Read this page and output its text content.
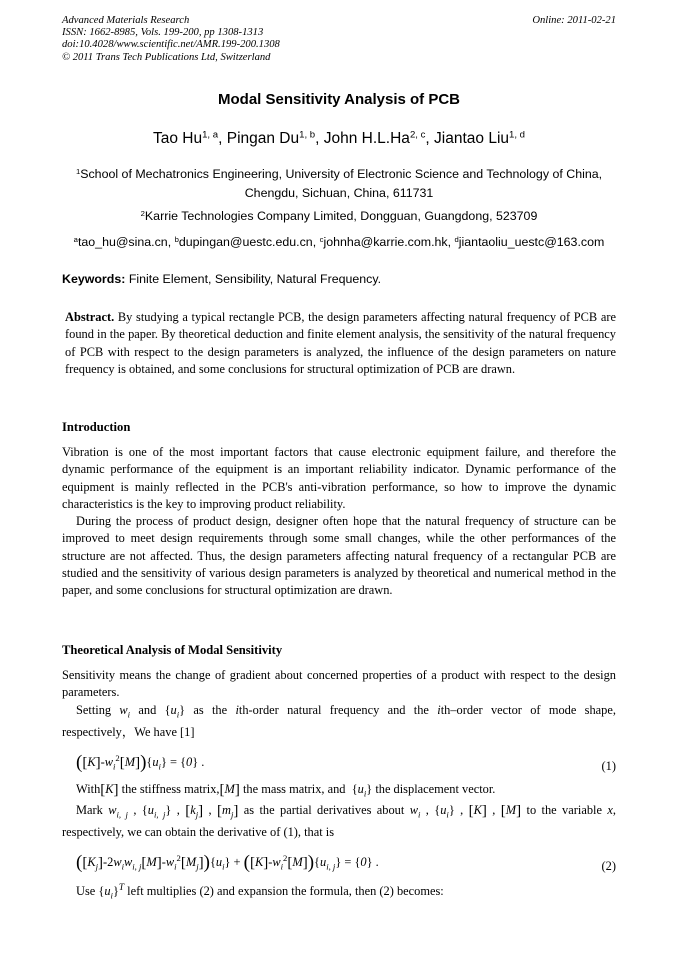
Advanced Materials Research
ISSN: 1662-8985, Vols. 199-200, pp 1308-1313
doi:10.4028/www.scientific.net/AMR.199-200.1308
© 2011 Trans Tech Publications Ltd, Switzerland
Online: 2011-02-21
Modal Sensitivity Analysis of PCB
Tao Hu$^{1, a}$, Pingan Du$^{1, b}$, John H.L.Ha$^{2, c}$, Jiantao Liu$^{1, d}$
$^1$School of Mechatronics Engineering, University of Electronic Science and Technology of China,
Chengdu, Sichuan, China, 611731
$^2$Karrie Technologies Company Limited, Dongguan, Guangdong, 523709
$^a$tao_hu@sina.cn, $^b$dupingan@uestc.edu.cn, $^c$johnha@karrie.com.hk, $^d$jiantaoliu_uestc@163.com
Keywords: Finite Element, Sensibility, Natural Frequency.
Abstract. By studying a typical rectangle PCB, the design parameters affecting natural frequency of PCB are found in the paper. By theoretical deduction and finite element analysis, the sensitivity of the natural frequency of PCB with respect to the design parameters is analyzed, the influence of the design parameters on nature frequency is obtained, and some conclusions for structural optimization of PCB are drawn.
Introduction
Vibration is one of the most important factors that cause electronic equipment failure, and therefore the dynamic performance of the equipment is an important reliability indicator. Dynamic performance of the equipment is mainly reflected in the PCB's anti-vibration performance, so how to improve the dynamic characteristics is the key to improving product reliability.
During the process of product design, designer often hope that the natural frequency of structure can be improved to meet design requirements through some small changes, while the other performances of the structure are not affected. Thus, the design parameters affecting natural frequency of a rectangular PCB are studied and the sensitivity of various design parameters is analyzed by theoretical and numerical method in the paper, and some conclusions for structural optimization are drawn.
Theoretical Analysis of Modal Sensitivity
Sensitivity means the change of gradient about concerned properties of a product with respect to the design parameters.
Setting $w_i$ and $\{u_i\}$ as the ith-order natural frequency and the ith–order vector of mode shape,
respectively，We have [1]
$([K]-w_i^2[M])\{u_i\} = \{0\}$ .	(1)
With[K] the stiffness matrix,[M] the mass matrix, and  $\{u_i\}$ the displacement vector.
Mark $w_{i, j}$ , $\{u_{i, j}\}$ , $[k_j]$ , $[m_j]$ as the partial derivatives about $w_i$ , $\{u_i\}$ , [K] , [M] to the variable x,
respectively, we can obtain the derivative of (1), that is
$([K_j]-2w_iw_{i, j}[M]-w_i^2[M_j])\{u_i\} + ([K]-w_i^2[M])\{u_{i, j}\} = \{0\}$ .	(2)
Use $\{u_i\}^T$ left multiplies (2) and expansion the formula, then (2) becomes:
